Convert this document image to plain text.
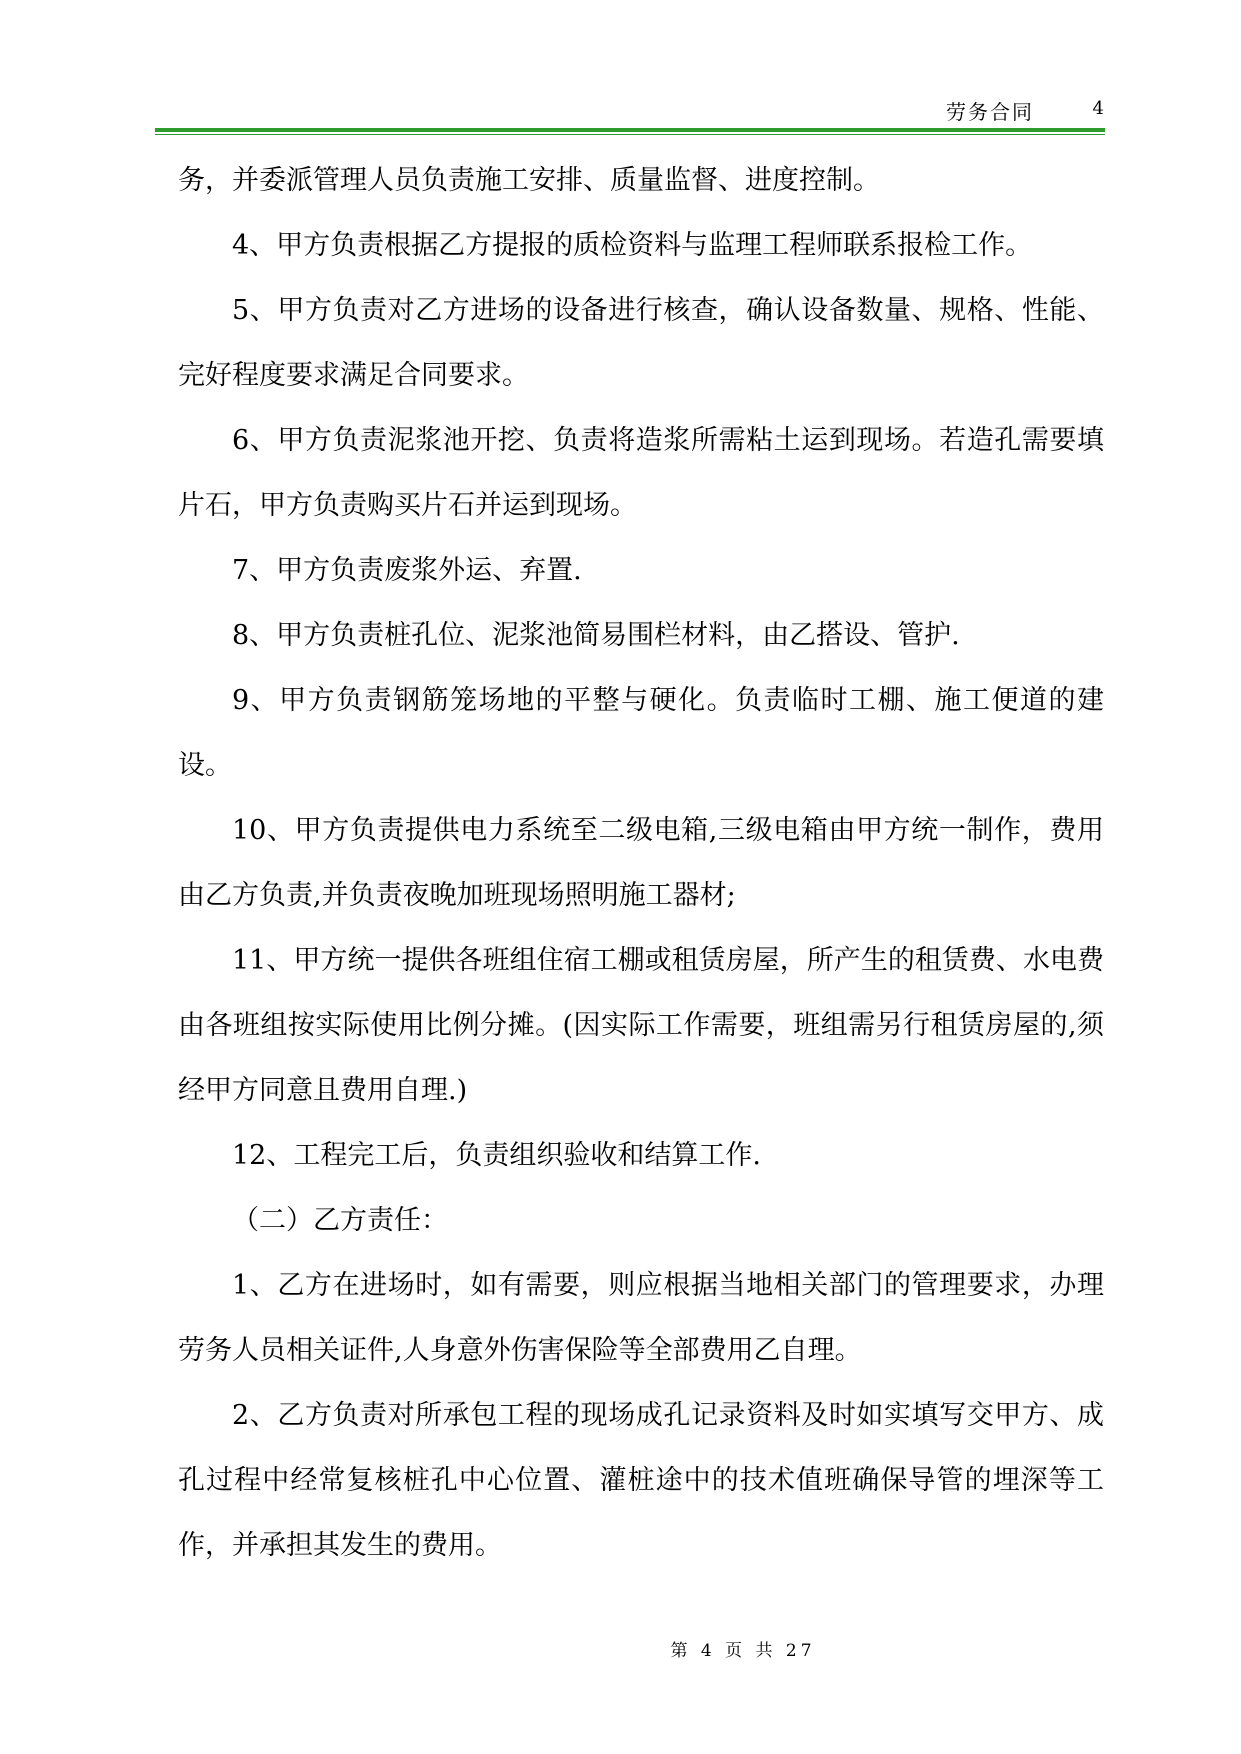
劳务合同	4

务，并委派管理人员负责施工安排、质量监督、进度控制。

4、甲方负责根据乙方提报的质检资料与监理工程师联系报检工作。

5、甲方负责对乙方进场的设备进行核查，确认设备数量、规格、性能、完好程度要求满足合同要求。

6、甲方负责泥浆池开挖、负责将造浆所需粘土运到现场。若造孔需要填片石，甲方负责购买片石并运到现场。

7、甲方负责废浆外运、弃置.

8、甲方负责桩孔位、泥浆池简易围栏材料，由乙搭设、管护.

9、甲方负责钢筋笼场地的平整与硬化。负责临时工棚、施工便道的建设。

10、甲方负责提供电力系统至二级电箱,三级电箱由甲方统一制作，费用由乙方负责,并负责夜晚加班现场照明施工器材;

11、甲方统一提供各班组住宿工棚或租赁房屋，所产生的租赁费、水电费由各班组按实际使用比例分摊。(因实际工作需要，班组需另行租赁房屋的,须经甲方同意且费用自理.)

12、工程完工后，负责组织验收和结算工作.

（二）乙方责任：

1、乙方在进场时，如有需要，则应根据当地相关部门的管理要求，办理劳务人员相关证件,人身意外伤害保险等全部费用乙自理。

2、乙方负责对所承包工程的现场成孔记录资料及时如实填写交甲方、成孔过程中经常复核桩孔中心位置、灌桩途中的技术值班确保导管的埋深等工作，并承担其发生的费用。

第 4 页 共 27
